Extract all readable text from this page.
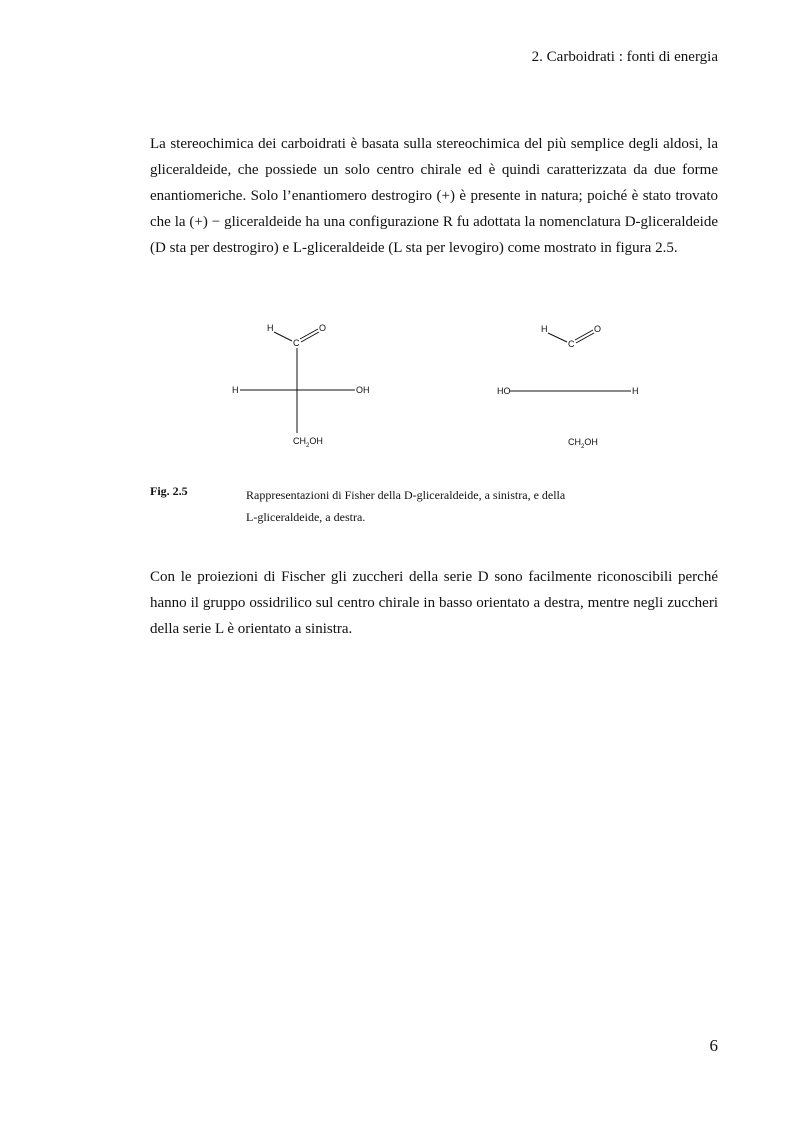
2. Carboidrati : fonti di energia

La stereochimica dei carboidrati è basata sulla stereochimica del più semplice degli aldosi, la gliceraldeide, che possiede un solo centro chirale ed è quindi caratterizzata da due forme enantiomeriche. Solo l’enantiomero destrogiro (+) è presente in natura; poiché è stato trovato che la (+) − gliceraldeide ha una configurazione R fu adottata la nomenclatura D-gliceraldeide (D sta per destrogiro) e L-gliceraldeide (L sta per levogiro) come mostrato in figura 2.5.

H	O
C
H	OH
$CH_2OH$
H	O
C
HO	H
$CH_2OH$
Fig. 2.5	Rappresentazioni di Fisher della D-gliceraldeide, a sinistra, e della
L-gliceraldeide, a destra.

Con le proiezioni di Fischer gli zuccheri della serie D sono facilmente riconoscibili perché hanno il gruppo ossidrilico sul centro chirale in basso orientato a destra, mentre negli zuccheri della serie L è orientato a sinistra.

6
